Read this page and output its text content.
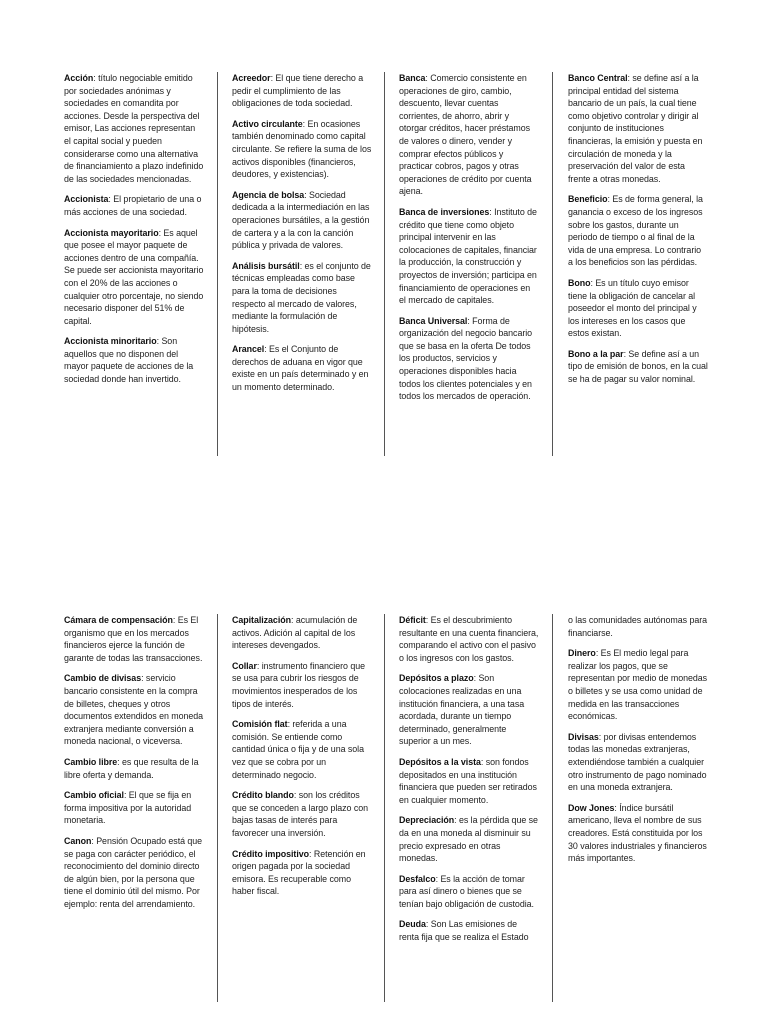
Acción: título negociable emitido por sociedades anónimas y sociedades en comandita por acciones. Desde la perspectiva del emisor, Las acciones representan el capital social y pueden considerarse como una alternativa de financiamiento a plazo indefinido de las sociedades mencionadas.

Accionista: El propietario de una o más acciones de una sociedad.

Accionista mayoritario: Es aquel que posee el mayor paquete de acciones dentro de una compañía. Se puede ser accionista mayoritario con el 20% de las acciones o cualquier otro porcentaje, no siendo necesario disponer del 51% de capital.

Accionista minoritario: Son aquellos que no disponen del mayor paquete de acciones de la sociedad donde han invertido.

Acreedor: El que tiene derecho a pedir el cumplimiento de las obligaciones de toda sociedad.

Activo circulante: En ocasiones también denominado como capital circulante. Se refiere la suma de los activos disponibles (financieros, deudores, y existencias).

Agencia de bolsa: Sociedad dedicada a la intermediación en las operaciones bursátiles, a la gestión de cartera y a la con la canción pública y privada de valores.

Análisis bursátil: es el conjunto de técnicas empleadas como base para la toma de decisiones respecto al mercado de valores, mediante la formulación de hipótesis.

Arancel: Es el Conjunto de derechos de aduana en vigor que existe en un país determinado y en un momento determinado.

Banca: Comercio consistente en operaciones de giro, cambio, descuento, llevar cuentas corrientes, de ahorro, abrir y otorgar créditos, hacer préstamos de valores o dinero, vender y comprar efectos públicos y practicar cobros, pagos y otras operaciones de crédito por cuenta ajena.

Banca de inversiones: Instituto de crédito que tiene como objeto principal intervenir en las colocaciones de capitales, financiar la producción, la construcción y proyectos de inversión; participa en financiamiento de operaciones en el mercado de capitales.

Banca Universal: Forma de organización del negocio bancario que se basa en la oferta De todos los productos, servicios y operaciones disponibles hacia todos los clientes potenciales y en todos los mercados de operación.

Banco Central: se define así a la principal entidad del sistema bancario de un país, la cual tiene como objetivo controlar y dirigir al conjunto de instituciones financieras, la emisión y puesta en circulación de moneda y la preservación del valor de esta frente a otras monedas.

Beneficio: Es de forma general, la ganancia o exceso de los ingresos sobre los gastos, durante un periodo de tiempo o al final de la vida de una empresa. Lo contrario a los beneficios son las pérdidas.

Bono: Es un título cuyo emisor tiene la obligación de cancelar al poseedor el monto del principal y los intereses en los casos que estos existan.

Bono a la par: Se define así a un tipo de emisión de bonos, en la cual se ha de pagar su valor nominal.

Cámara de compensación: Es El organismo que en los mercados financieros ejerce la función de garante de todas las transacciones.

Cambio de divisas: servicio bancario consistente en la compra de billetes, cheques y otros documentos extendidos en moneda extranjera mediante conversión a moneda nacional, o viceversa.

Cambio libre: es que resulta de la libre oferta y demanda.

Cambio oficial: El que se fija en forma impositiva por la autoridad monetaria.

Canon: Pensión Ocupado está que se paga con carácter periódico, el reconocimiento del dominio directo de algún bien, por la persona que tiene el dominio útil del mismo. Por ejemplo: renta del arrendamiento.

Capitalización: acumulación de activos. Adición al capital de los intereses devengados.

Collar: instrumento financiero que se usa para cubrir los riesgos de movimientos inesperados de los tipos de interés.

Comisión flat: referida a una comisión. Se entiende como cantidad única o fija y de una sola vez que se cobra por un determinado negocio.

Crédito blando: son los créditos que se conceden a largo plazo con bajas tasas de interés para favorecer una inversión.

Crédito impositivo: Retención en origen pagada por la sociedad emisora. Es recuperable como haber fiscal.

Déficit: Es el descubrimiento resultante en una cuenta financiera, comparando el activo con el pasivo o los ingresos con los gastos.

Depósitos a plazo: Son colocaciones realizadas en una institución financiera, a una tasa acordada, durante un tiempo determinado, generalmente superior a un mes.

Depósitos a la vista: son fondos depositados en una institución financiera que pueden ser retirados en cualquier momento.

Depreciación: es la pérdida que se da en una moneda al disminuir su precio expresado en otras monedas.

Desfalco: Es la acción de tomar para así dinero o bienes que se tenían bajo obligación de custodia.

Deuda: Son Las emisiones de renta fija que se realiza el Estado

o las comunidades autónomas para financiarse.

Dinero: Es El medio legal para realizar los pagos, que se representan por medio de monedas o billetes y se usa como unidad de medida en las transacciones económicas.

Divisas: por divisas entendemos todas las monedas extranjeras, extendiéndose también a cualquier otro instrumento de pago nominado en una moneda extranjera.

Dow Jones: Índice bursátil americano, lleva el nombre de sus creadores. Está constituida por los 30 valores industriales y financieros más importantes.
